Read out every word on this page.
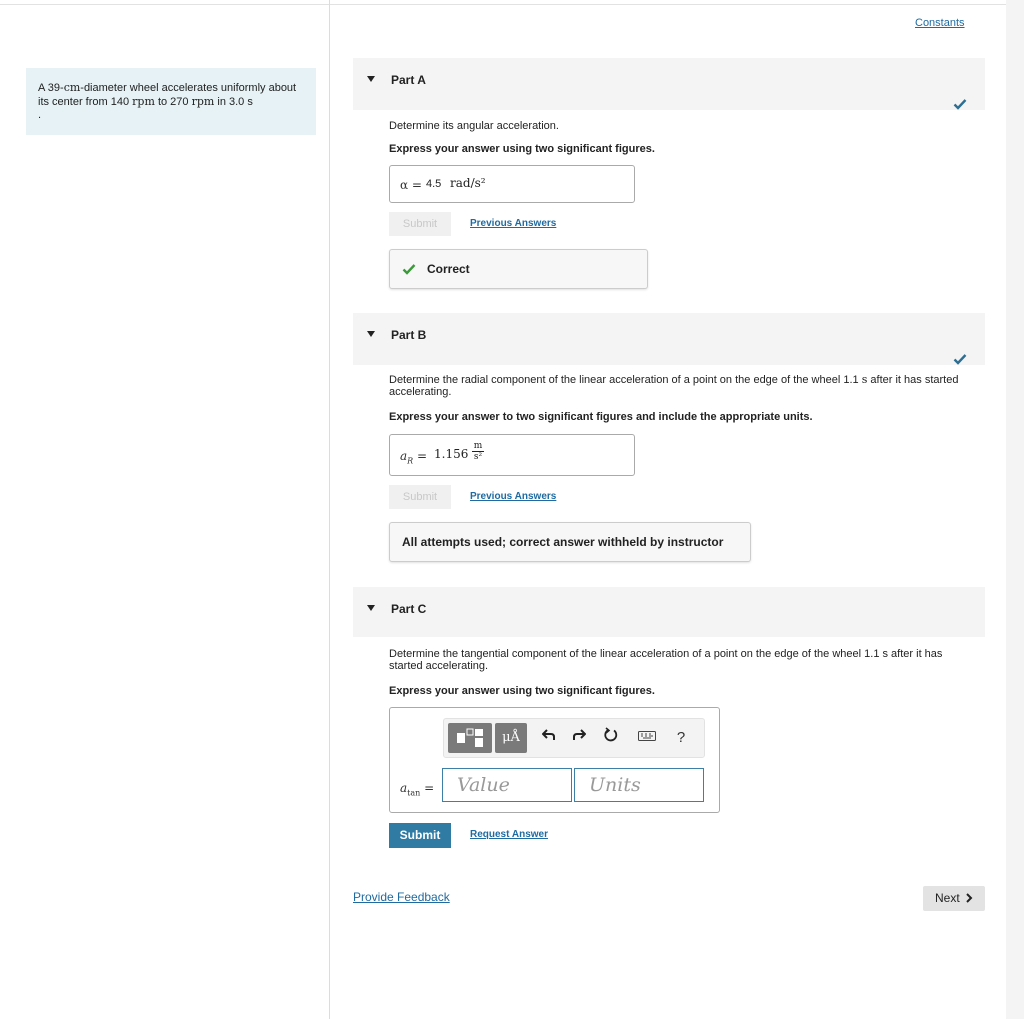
A 39-cm-diameter wheel accelerates uniformly about its center from 140 rpm to 270 rpm in 3.0 s
.
Constants
Part A
Determine its angular acceleration.
Express your answer using two significant figures.
α = 4.5 rad/s²
Submit	Previous Answers
Correct
Part B
Determine the radial component of the linear acceleration of a point on the edge of the wheel 1.1 s after it has started accelerating.
Express your answer to two significant figures and include the appropriate units.
$a_R = 1.156 \frac{m}{\text{s²}}$
Submit	Previous Answers
All attempts used; correct answer withheld by instructor
Part C
Determine the tangential component of the linear acceleration of a point on the edge of the wheel 1.1 s after it has started accelerating.
Express your answer using two significant figures.
μÅ	?
$a_{tan}$ =	Value	Units
Submit	Request Answer
Provide Feedback	Next
